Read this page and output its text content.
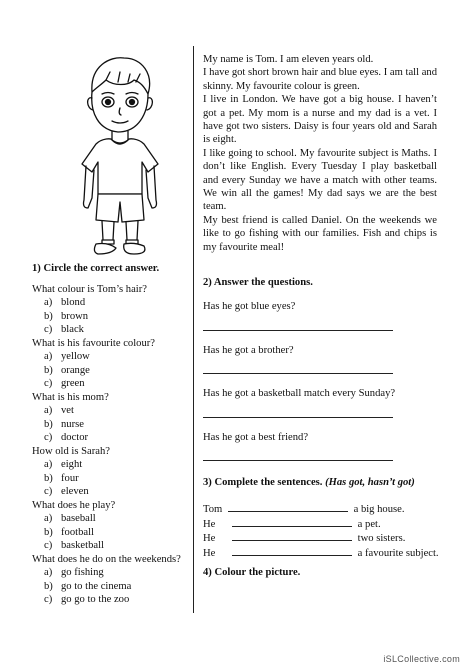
My name is Tom. I am eleven years old.

I have got short brown hair and blue eyes. I am tall and skinny. My favourite colour is green.

I live in London. We have got a big house. I haven’t got a pet. My mom is a nurse and my dad is a vet. I have got two sisters. Daisy is four years old and Sarah is eight.

I like going to school. My favourite subject is Maths. I don’t like English. Every Tuesday I play basketball and every Sunday we have a match with other teams. We win all the games! My dad says we are the best team.

My best friend is called Daniel. On the weekends we like to go fishing with our families. Fish and chips is my favourite meal!

1) Circle the correct answer.
What colour is Tom’s hair?
a) blond
b) brown
c) black
What is his favourite colour?
a) yellow
b) orange
c) green
What is his mom?
a) vet
b) nurse
c) doctor
How old is Sarah?
a) eight
b) four
c) eleven
What does he play?
a) baseball
b) football
c) basketball
What does he do on the weekends?
a) go fishing
b) go to the cinema
c) go go to the zoo
2) Answer the questions.
Has he got blue eyes?
Has he got a brother?
Has he got a basketball match every Sunday?
Has he got a best friend?
3) Complete the sentences. (Has got, hasn’t got)
Tom	a big house.
He	a pet.
He	two sisters.
He	a favourite subject.
4) Colour the picture.
iSLCollective.com
